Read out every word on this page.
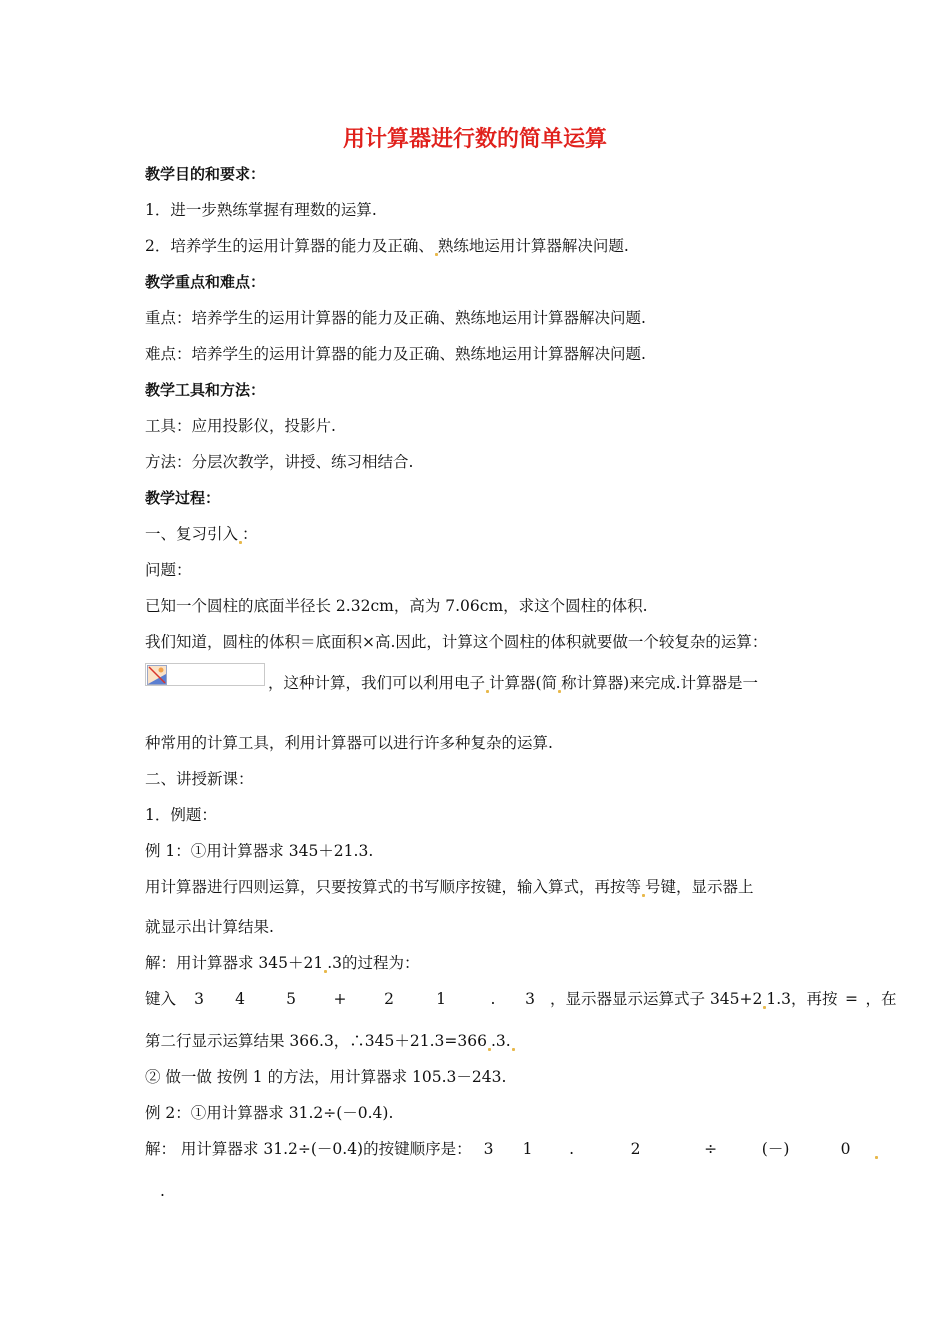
用计算器进行数的简单运算
教学目的和要求：
1．进一步熟练掌握有理数的运算.
2．培养学生的运用计算器的能力及正确、 熟练地运用计算器解决问题.
教学重点和难点：
重点：培养学生的运用计算器的能力及正确、熟练地运用计算器解决问题.
难点：培养学生的运用计算器的能力及正确、熟练地运用计算器解决问题.
教学工具和方法：
工具：应用投影仪，投影片.
方法：分层次教学，讲授、练习相结合.
教学过程：
一、复习引入 ：
问题：
已知一个圆柱的底面半径长 2.32cm，高为 7.06cm，求这个圆柱的体积.
我们知道，圆柱的体积＝底面积×高.因此，计算这个圆柱的体积就要做一个较复杂的运算：
，这种计算，我们可以利用电子 计算器(简 称计算器)来完成.计算器是一
种常用的计算工具，利用计算器可以进行许多种复杂的运算.
二、讲授新课：
1．例题：
例 1：①用计算器求 345＋21.3.
用计算器进行四则运算，只要按算式的书写顺序按键，输入算式，再按等 号键，显示器上
就显示出计算结果.
解：用计算器求 345＋21 .3的过程为：
键入 3 4	5 + 2	1	. 3 ，显示器显示运算式子 345+2 1.3，再按 = ，在
第二行显示运算结果 366.3，∴345＋21.3=366 .3.
② 做一做 按例 1 的方法，用计算器求 105.3－243.
例 2：①用计算器求 31.2÷(－0.4).
解： 用计算器求 31.2÷(－0.4)的按键顺序是： 3 1 .	2	÷	(－)	0
.
